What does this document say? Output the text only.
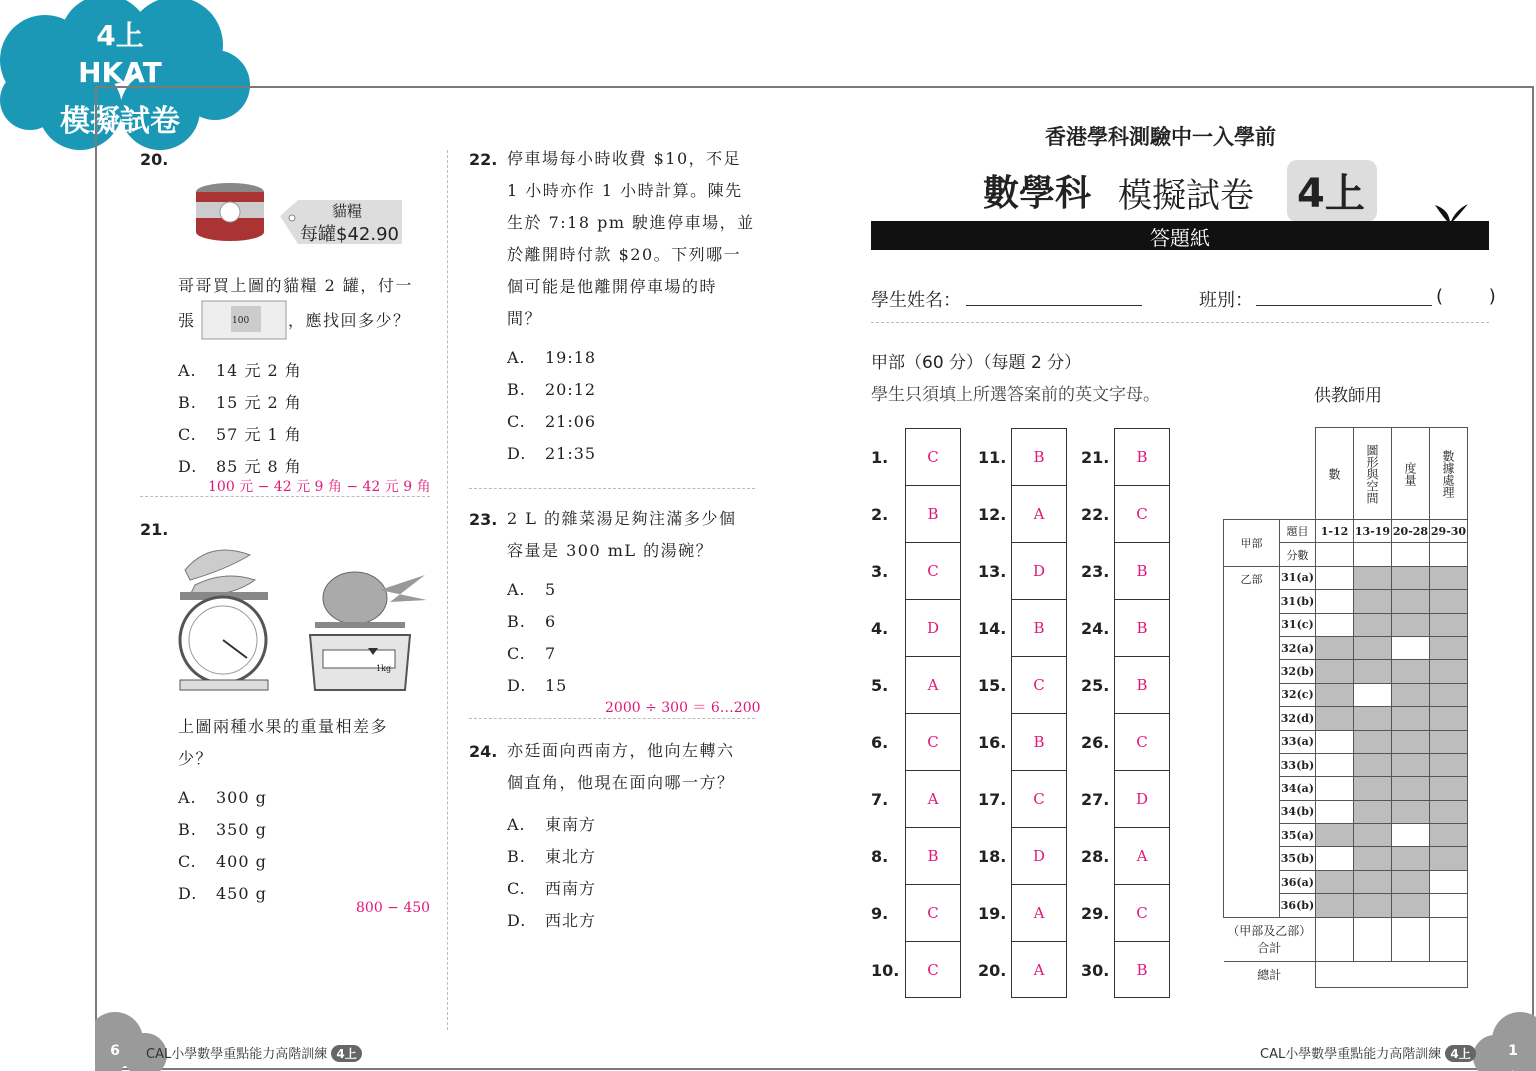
4上
HKAT
模擬試卷
20.
貓糧
每罐$42.90
哥哥買上圖的貓糧 2 罐，付一
張	100 ，應找回多少？
A. 14 元 2 角
B. 15 元 2 角
C. 57 元 1 角
D. 85 元 8 角
100 元 − 42 元 9 角 − 42 元 9 角
21.
1kg
上圖兩種水果的重量相差多
少？
A. 300 g
B. 350 g
C. 400 g
D. 450 g
800 − 450
22. 停車場每小時收費 $10，不足
1 小時亦作 1 小時計算。陳先
生於 7:18 pm 駛進停車場，並
於離開時付款 $20。下列哪一
個可能是他離開停車場的時
間？
A. 19:18
B. 20:12
C. 21:06
D. 21:35
23. 2 L 的雜菜湯足夠注滿多少個
容量是 300 mL 的湯碗？
A. 5
B. 6
C. 7
D. 15
2000 ÷ 300 ＝ 6…200
24. 亦廷面向西南方，他向左轉六
個直角，他現在面向哪一方？
A. 東南方
B. 東北方
C. 西南方
D. 西北方
香港學科測驗中一入學前
數學科 模擬試卷 4上
答題紙
學生姓名：	班別：	(        )
甲部（60 分）（每題 2 分）
學生只須填上所選答案前的英文字母。	供教師用
1.	C
2.	B
3.	C
4.	D
5.	A
6.	C
7.	A
8.	B
9.	C
10.	C
11.	B
12.	A
13.	D
14.	B
15.	C
16.	B
17.	C
18.	D
19.	A
20.	A
21.	B
22.	C
23.	B
24.	B
25.	B
26.	C
27.	D
28.	A
29.	C
30.	B
		數	圖形與空間	度量	數據處理
甲部	題目	1-12	13-19	20-28	29-30
	分數				
乙部	31(a)				
	31(b)				
	31(c)				
	32(a)				
	32(b)				
	32(c)				
	32(d)				
	33(a)				
	33(b)				
	34(a)				
	34(b)				
	35(a)				
	35(b)				
	36(a)				
	36(b)				
（甲部及乙部）合計					
總計					
6	CAL小學數學重點能力高階訓練 4上	1
CAL小學數學重點能力高階訓練 4上
